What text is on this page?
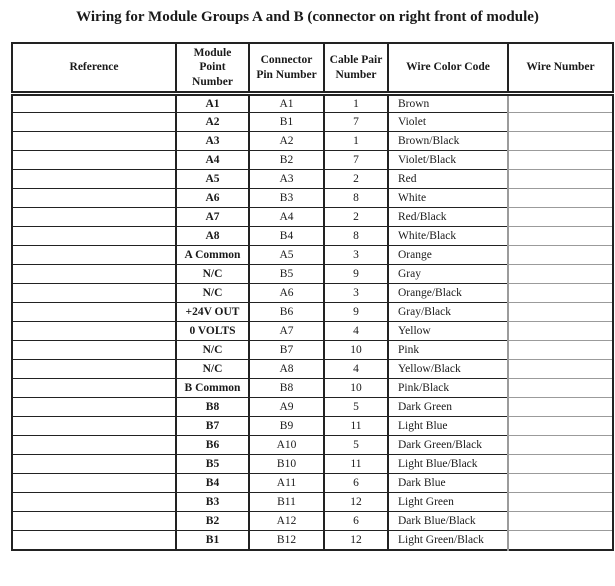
Wiring for Module Groups A and B (connector on right front of module)
Reference	Module Point Number	Connector Pin Number	Cable Pair Number	Wire Color Code	Wire Number
	A1	A1	1	Brown	
	A2	B1	7	Violet	
	A3	A2	1	Brown/Black	
	A4	B2	7	Violet/Black	
	A5	A3	2	Red	
	A6	B3	8	White	
	A7	A4	2	Red/Black	
	A8	B4	8	White/Black	
	A Common	A5	3	Orange	
	N/C	B5	9	Gray	
	N/C	A6	3	Orange/Black	
	+24V OUT	B6	9	Gray/Black	
	0 VOLTS	A7	4	Yellow	
	N/C	B7	10	Pink	
	N/C	A8	4	Yellow/Black	
	B Common	B8	10	Pink/Black	
	B8	A9	5	Dark Green	
	B7	B9	11	Light Blue	
	B6	A10	5	Dark Green/Black	
	B5	B10	11	Light Blue/Black	
	B4	A11	6	Dark Blue	
	B3	B11	12	Light Green	
	B2	A12	6	Dark Blue/Black	
	B1	B12	12	Light Green/Black	
